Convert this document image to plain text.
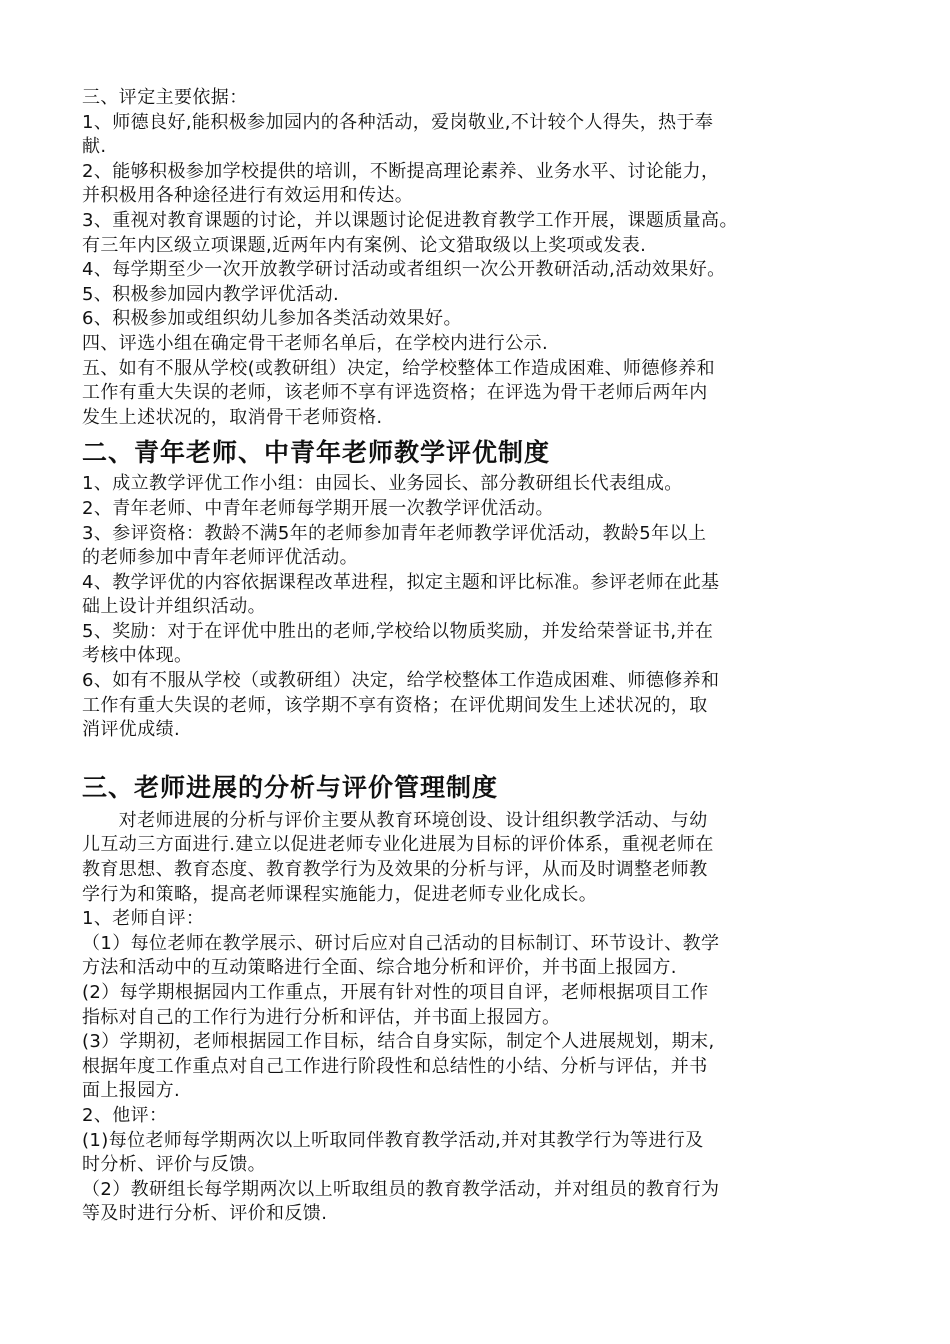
三、评定主要依据：

1、师德良好,能积极参加园内的各种活动，爱岗敬业,不计较个人得失，热于奉

献.

2、能够积极参加学校提供的培训，不断提高理论素养、业务水平、讨论能力，

并积极用各种途径进行有效运用和传达。

3、重视对教育课题的讨论，并以课题讨论促进教育教学工作开展，课题质量高。

有三年内区级立项课题,近两年内有案例、论文猎取级以上奖项或发表.

4、每学期至少一次开放教学研讨活动或者组织一次公开教研活动,活动效果好。

5、积极参加园内教学评优活动.

6、积极参加或组织幼儿参加各类活动效果好。

四、评选小组在确定骨干老师名单后，在学校内进行公示.

五、如有不服从学校(或教研组）决定，给学校整体工作造成困难、师德修养和

工作有重大失误的老师，该老师不享有评选资格；在评选为骨干老师后两年内

发生上述状况的，取消骨干老师资格.

二、青年老师、中青年老师教学评优制度

1、成立教学评优工作小组：由园长、业务园长、部分教研组长代表组成。

2、青年老师、中青年老师每学期开展一次教学评优活动。

3、参评资格：教龄不满5年的老师参加青年老师教学评优活动，教龄5年以上

的老师参加中青年老师评优活动。

4、教学评优的内容依据课程改革进程，拟定主题和评比标准。参评老师在此基

础上设计并组织活动。

5、奖励：对于在评优中胜出的老师,学校给以物质奖励，并发给荣誉证书,并在

考核中体现。

6、如有不服从学校（或教研组）决定，给学校整体工作造成困难、师德修养和

工作有重大失误的老师，该学期不享有资格；在评优期间发生上述状况的，取

消评优成绩.

三、老师进展的分析与评价管理制度

　　对老师进展的分析与评价主要从教育环境创设、设计组织教学活动、与幼

儿互动三方面进行.建立以促进老师专业化进展为目标的评价体系，重视老师在

教育思想、教育态度、教育教学行为及效果的分析与评，从而及时调整老师教

学行为和策略，提高老师课程实施能力，促进老师专业化成长。

1、老师自评：

（1）每位老师在教学展示、研讨后应对自己活动的目标制订、环节设计、教学

方法和活动中的互动策略进行全面、综合地分析和评价，并书面上报园方.

(2）每学期根据园内工作重点，开展有针对性的项目自评，老师根据项目工作

指标对自己的工作行为进行分析和评估，并书面上报园方。

(3）学期初，老师根据园工作目标，结合自身实际，制定个人进展规划，期末,

根据年度工作重点对自己工作进行阶段性和总结性的小结、分析与评估，并书

面上报园方.

2、他评：

(1)每位老师每学期两次以上听取同伴教育教学活动,并对其教学行为等进行及

时分析、评价与反馈。

（2）教研组长每学期两次以上听取组员的教育教学活动，并对组员的教育行为

等及时进行分析、评价和反馈.
